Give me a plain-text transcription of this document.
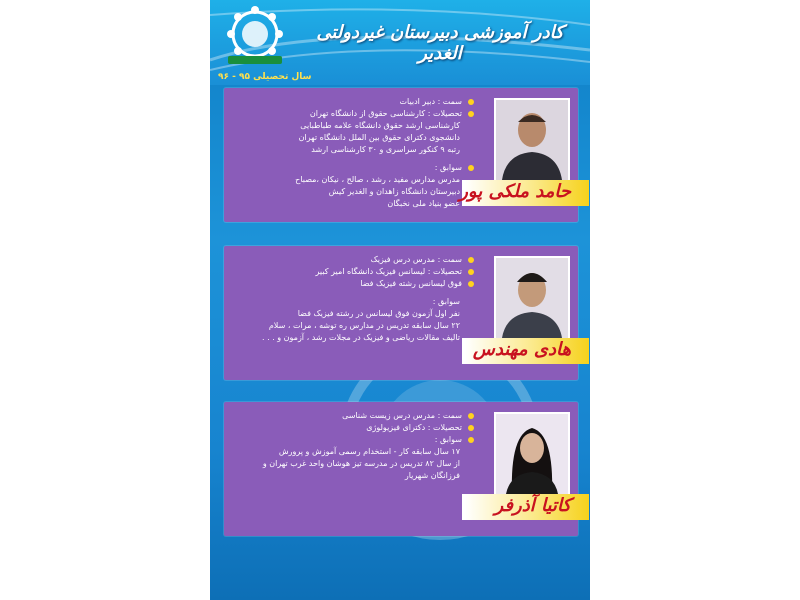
کادر آموزشی دبیرستان غیردولتی الغدیر
سال تحصیلی ۹۵ - ۹۶
سمت : دبیر ادبیات
تحصیلات : کارشناسی حقوق از دانشگاه تهران
کارشناسی ارشد حقوق دانشگاه علامه طباطبایی
دانشجوی دکترای حقوق بین الملل دانشگاه تهران
رتبه ۹ کنکور سراسری و ۳۰ کارشناسی ارشد
سوابق :
مدرس مدارس مفید ، رشد ، صالح ، نیکان ،مصباح
دبیرستان دانشگاه زاهدان و الغدیر کیش
عضو بنیاد ملی نخبگان
حامد ملکی پور
سمت : مدرس درس فیزیک
تحصیلات : لیسانس فیزیک دانشگاه امیر کبیر
فوق لیسانس رشته فیزیک فضا
سوابق :
نفر اول آزمون فوق لیسانس در رشته فیزیک فضا
۲۲ سال سابقه تدریس در مدارس ره توشه ، مرات ، سلام
تالیف مقالات ریاضی و فیزیک در مجلات رشد ، آزمون و . . .
هادی مهندس
سمت : مدرس درس زیست شناسی
تحصیلات : دکترای فیزیولوژی
سوابق :
۱۷ سال سابقه کار - استخدام رسمی آموزش و پرورش
از سال ۸۲ تدریس در مدرسه تیز هوشان واحد غرب تهران و
فرزانگان شهریار
کاتیا آذرفر
